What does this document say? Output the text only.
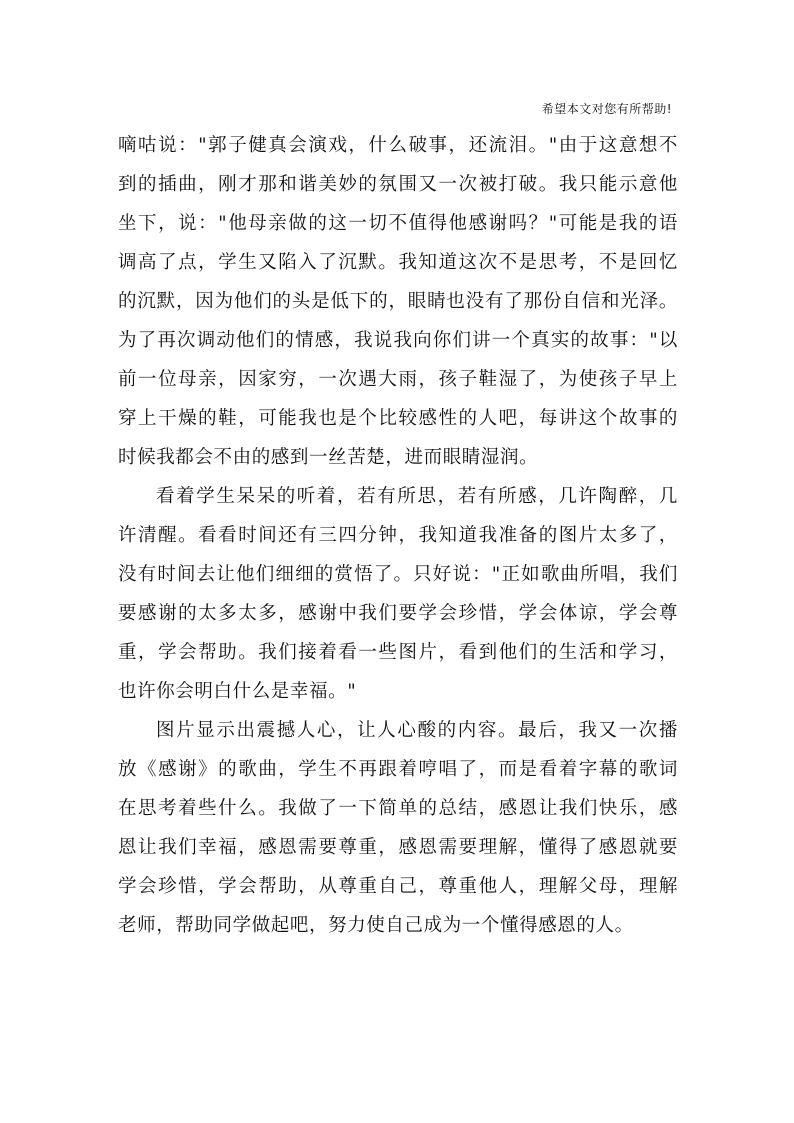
希望本文对您有所帮助!
嘀咕说："郭子健真会演戏，什么破事，还流泪。"由于这意想不
到的插曲，刚才那和谐美妙的氛围又一次被打破。我只能示意他
坐下，说："他母亲做的这一切不值得他感谢吗？"可能是我的语
调高了点，学生又陷入了沉默。我知道这次不是思考，不是回忆
的沉默，因为他们的头是低下的，眼睛也没有了那份自信和光泽。
为了再次调动他们的情感，我说我向你们讲一个真实的故事："以
前一位母亲，因家穷，一次遇大雨，孩子鞋湿了，为使孩子早上
穿上干燥的鞋，可能我也是个比较感性的人吧，每讲这个故事的
时候我都会不由的感到一丝苦楚，进而眼睛湿润。
看着学生呆呆的听着，若有所思，若有所感，几许陶醉，几
许清醒。看看时间还有三四分钟，我知道我准备的图片太多了，
没有时间去让他们细细的赏悟了。只好说："正如歌曲所唱，我们
要感谢的太多太多，感谢中我们要学会珍惜，学会体谅，学会尊
重，学会帮助。我们接着看一些图片，看到他们的生活和学习，
也许你会明白什么是幸福。"
图片显示出震撼人心，让人心酸的内容。最后，我又一次播
放《感谢》的歌曲，学生不再跟着哼唱了，而是看着字幕的歌词
在思考着些什么。我做了一下简单的总结，感恩让我们快乐，感
恩让我们幸福，感恩需要尊重，感恩需要理解，懂得了感恩就要
学会珍惜，学会帮助，从尊重自己，尊重他人，理解父母，理解
老师，帮助同学做起吧，努力使自己成为一个懂得感恩的人。
